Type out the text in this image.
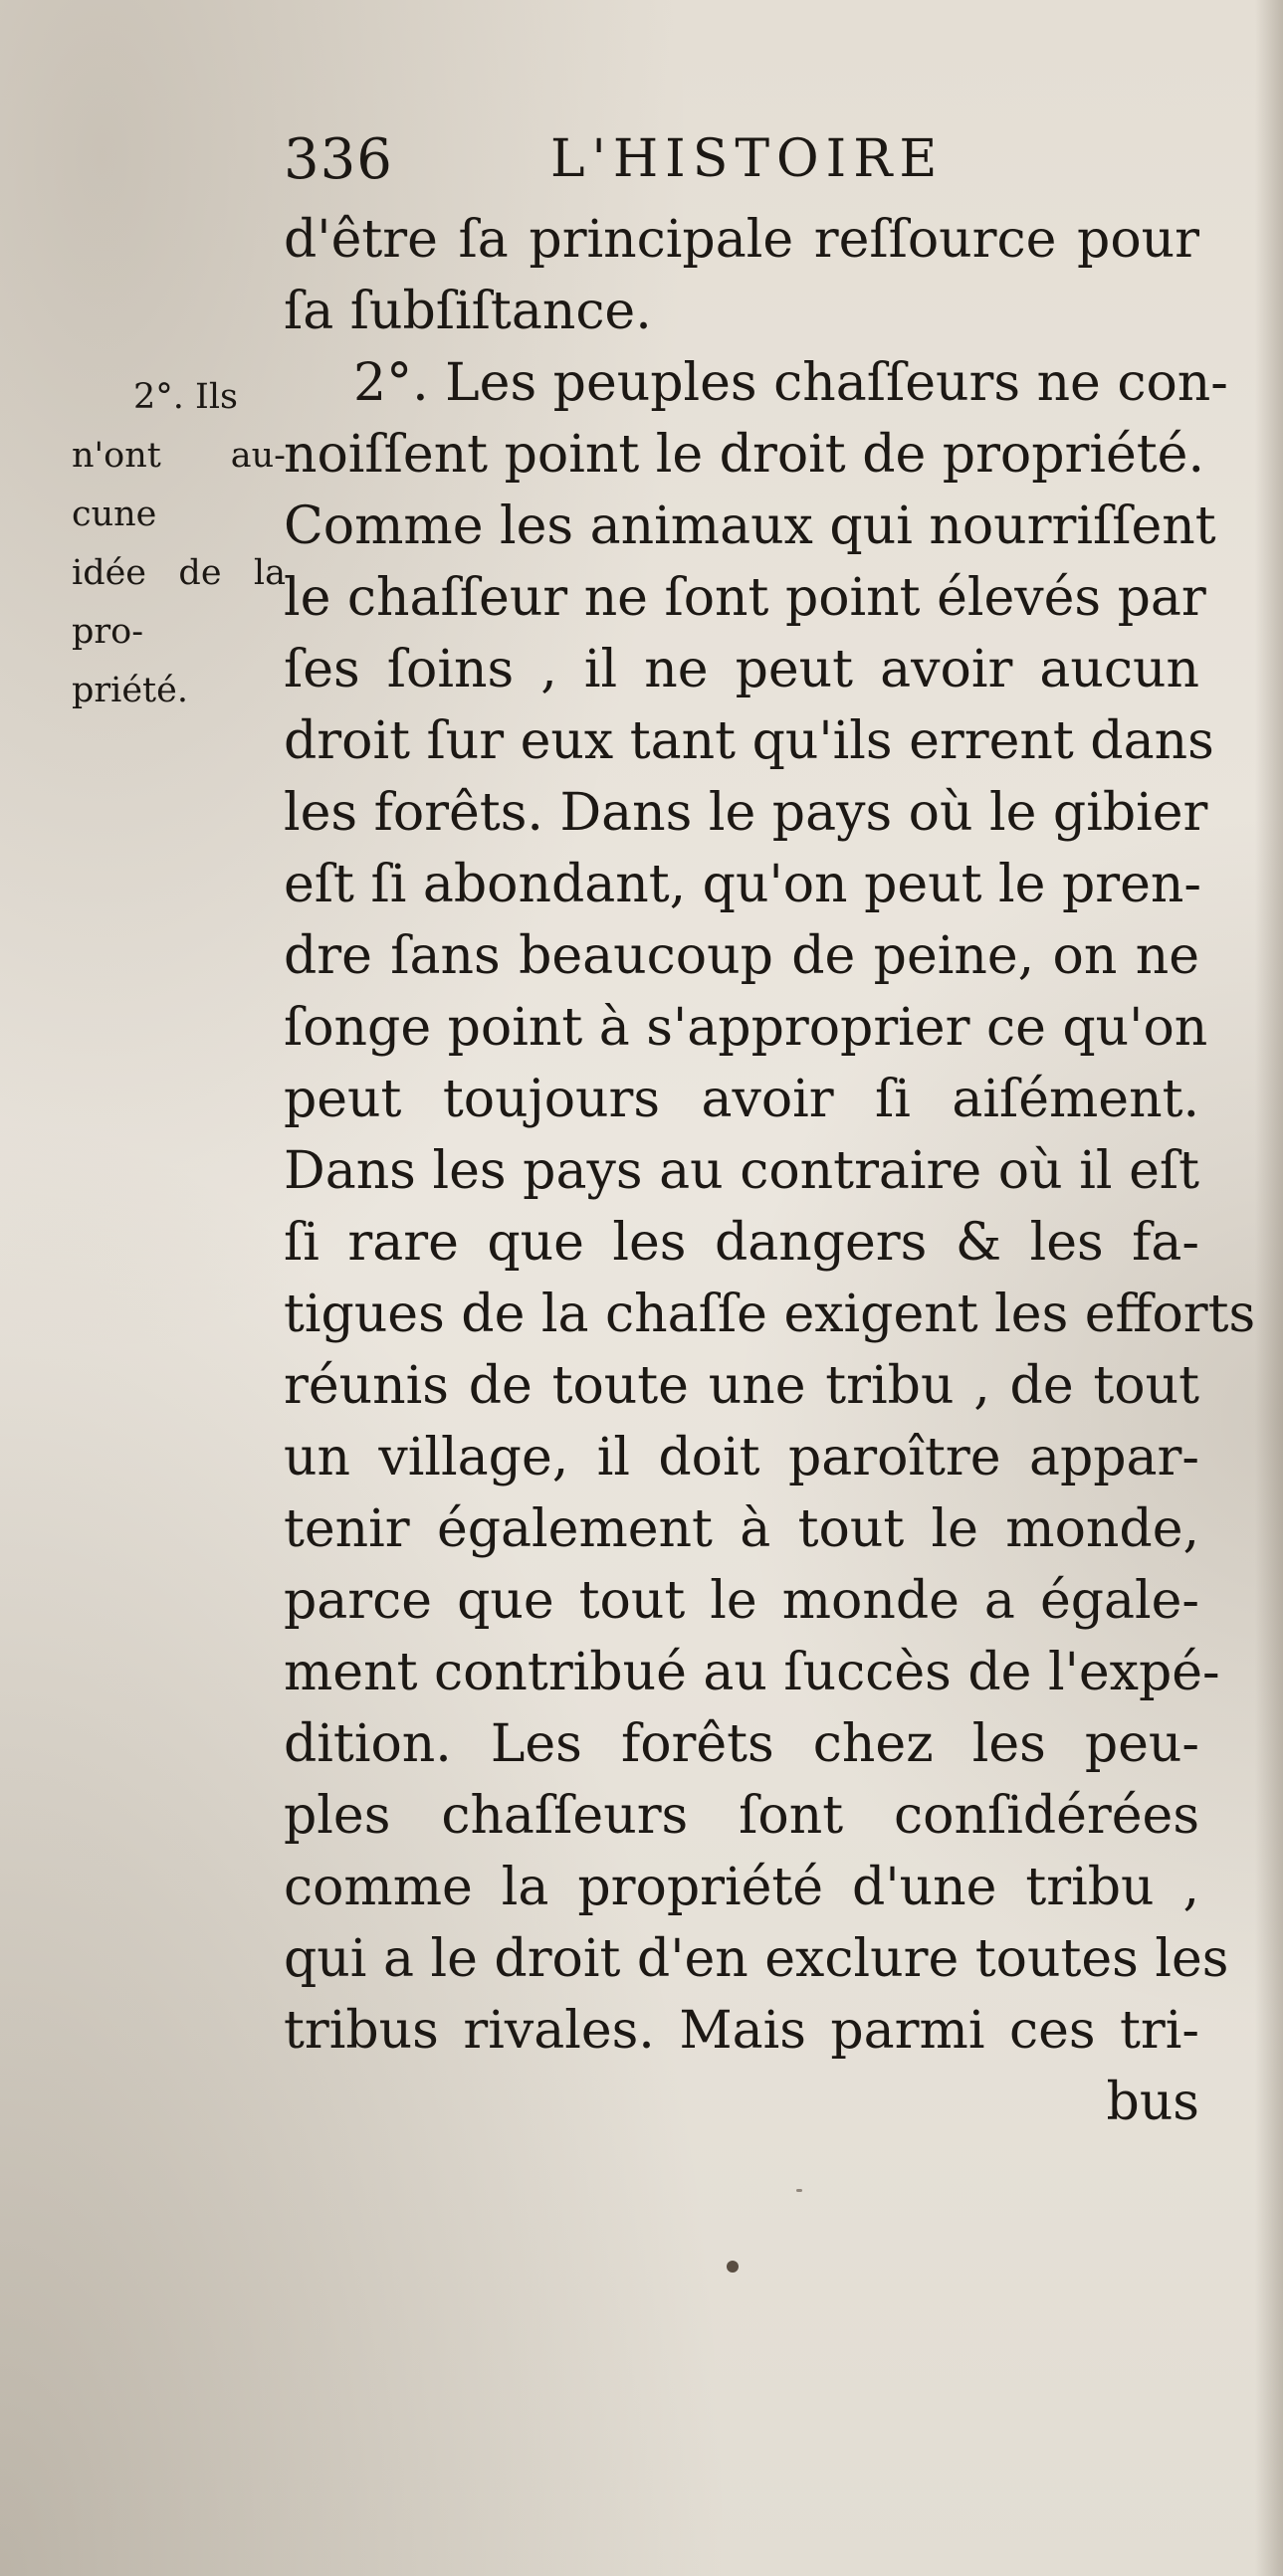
336	L'HISTOIRE
2°. Ils
n'ont au-
cune
idée de la
pro-
priété.
d'être ſa principale reſſource pour
ſa ſubſiſtance.
2°. Les peuples chaſſeurs ne con-
noiſſent point le droit de propriété.
Comme les animaux qui nourriſſent
le chaſſeur ne ſont point élevés par
ſes ſoins , il ne peut avoir aucun
droit ſur eux tant qu'ils errent dans
les forêts. Dans le pays où le gibier
eſt ſi abondant, qu'on peut le pren-
dre ſans beaucoup de peine, on ne
ſonge point à s'approprier ce qu'on
peut toujours avoir ſi aiſément.
Dans les pays au contraire où il eſt
ſi rare que les dangers & les fa-
tigues de la chaſſe exigent les efforts
réunis de toute une tribu , de tout
un village, il doit paroître appar-
tenir également à tout le monde,
parce que tout le monde a égale-
ment contribué au ſuccès de l'expé-
dition. Les forêts chez les peu-
ples chaſſeurs ſont conſidérées
comme la propriété d'une tribu ,
qui a le droit d'en exclure toutes les
tribus rivales. Mais parmi ces tri-
bus
